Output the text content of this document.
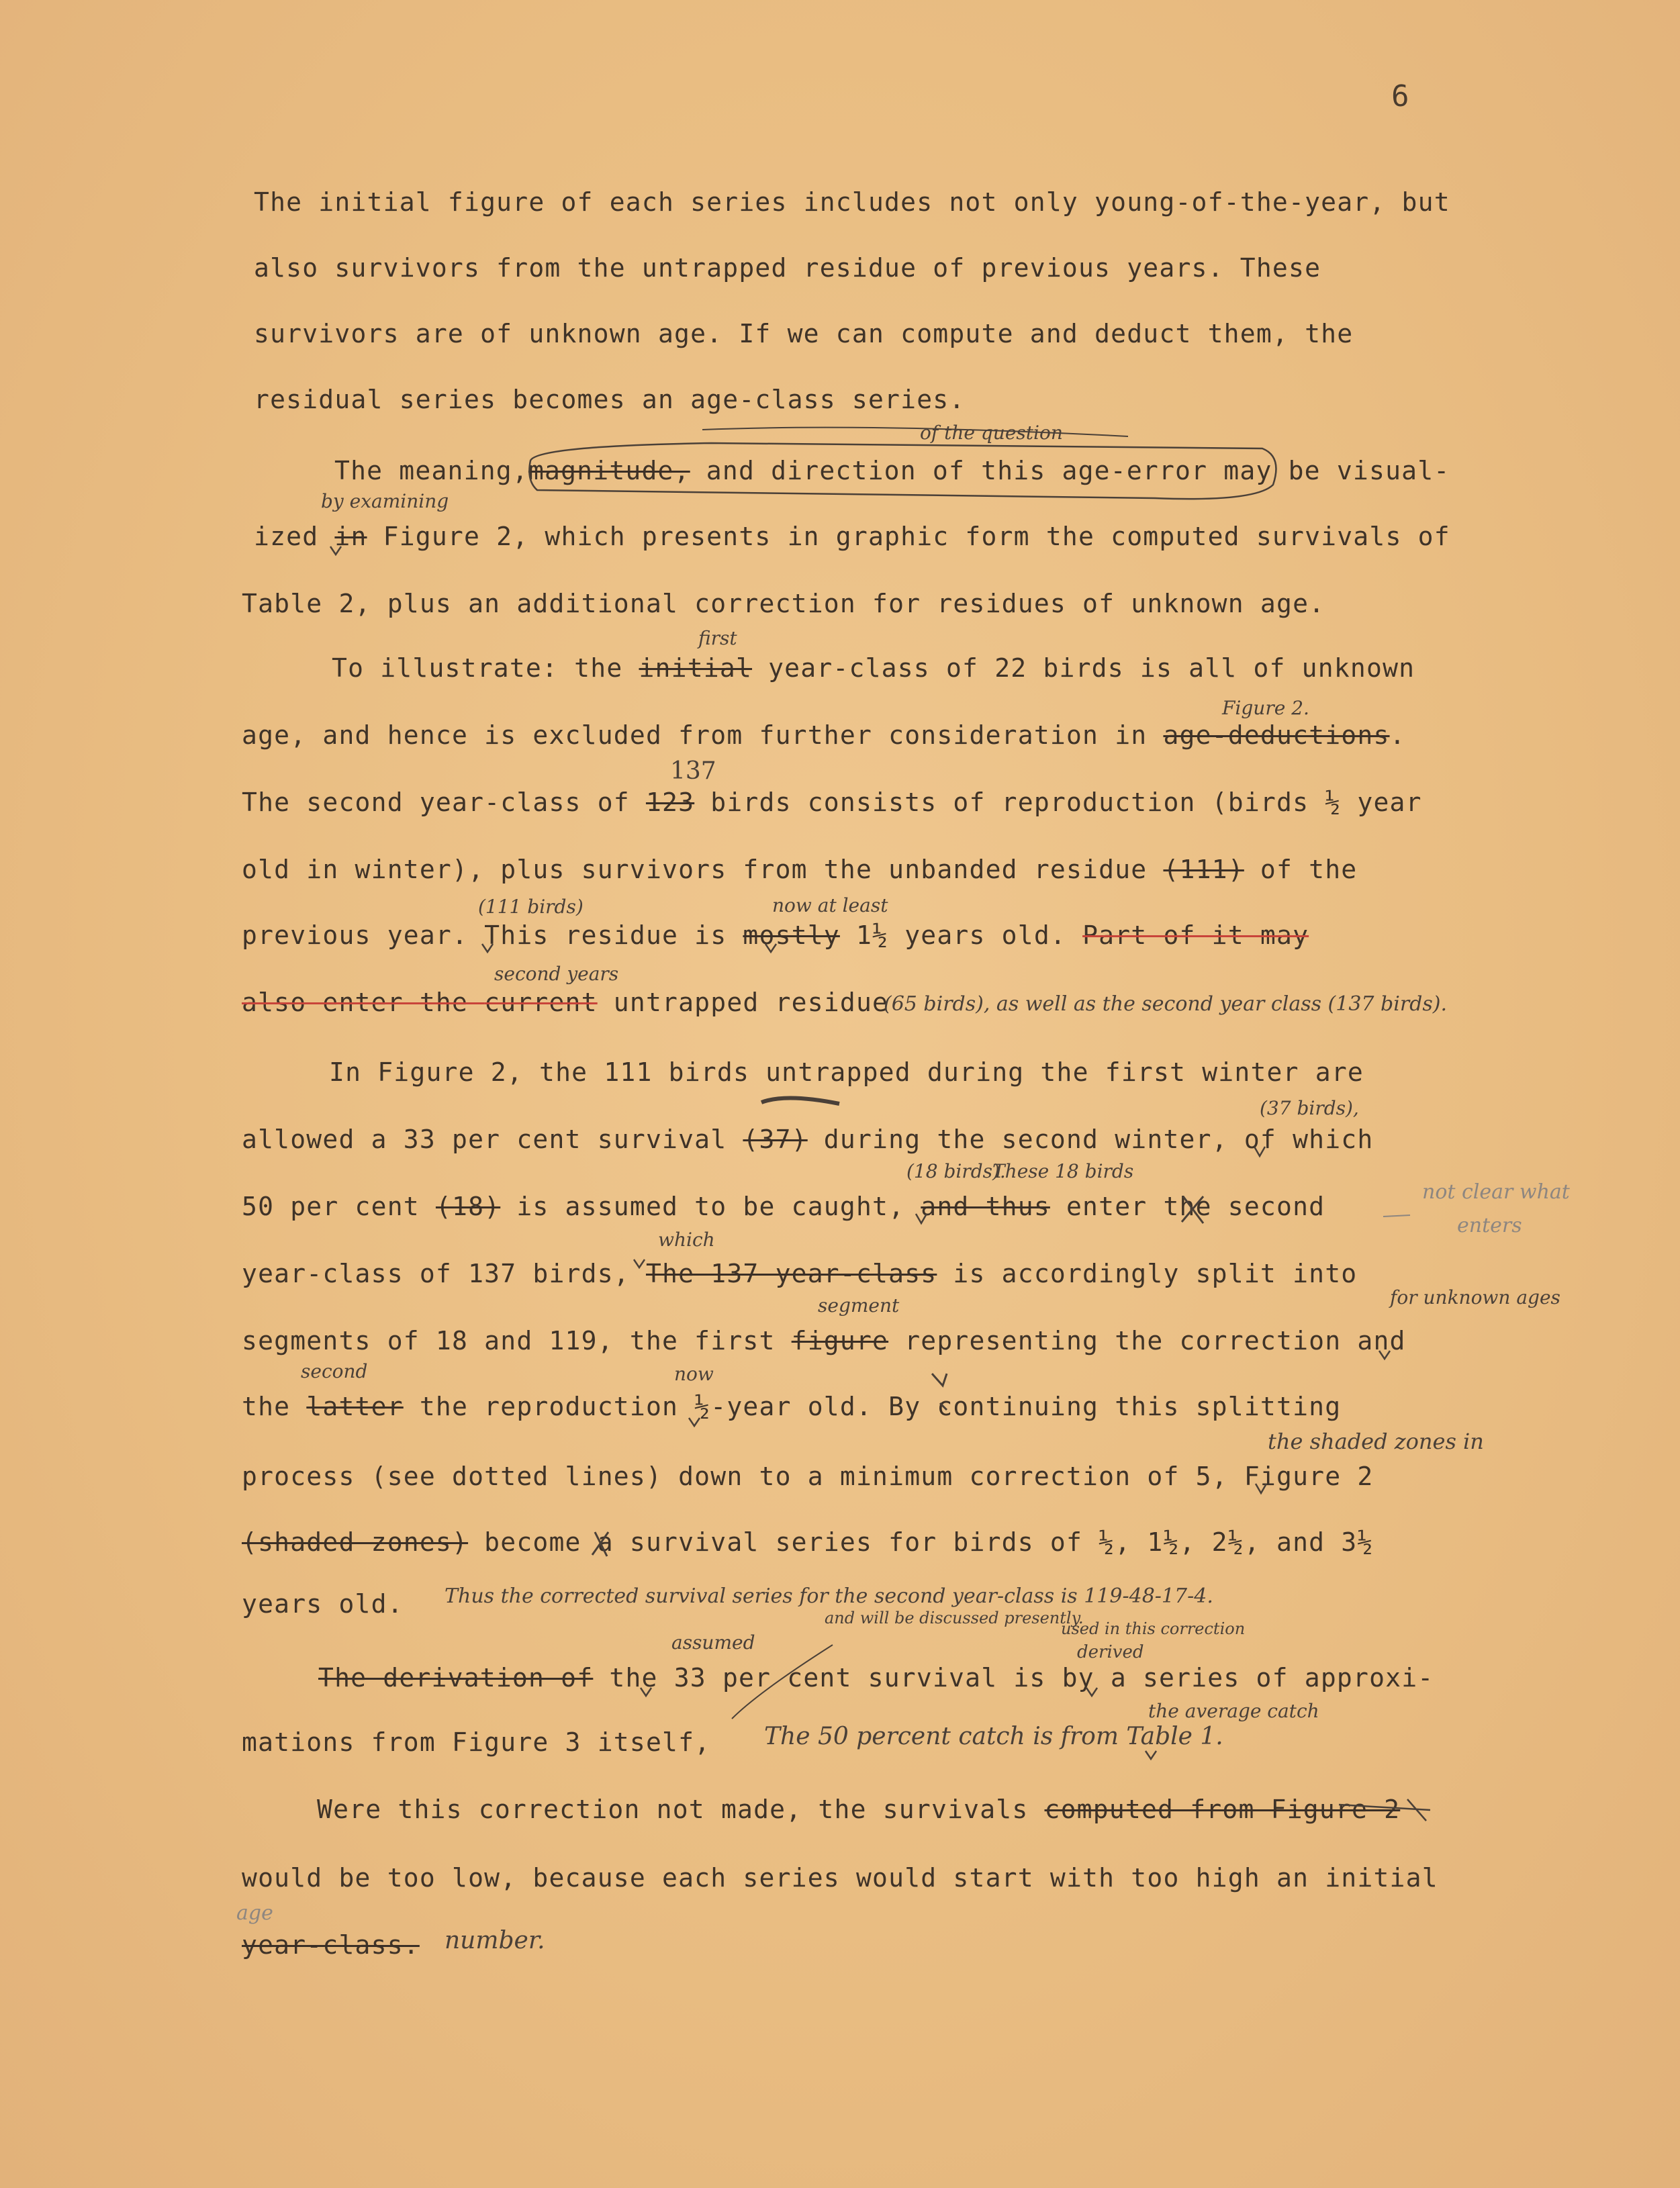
6
The initial figure of each series includes not only young-of-the-year, but
also survivors from the untrapped residue of previous years. These
survivors are of unknown age. If we can compute and deduct them, the
residual series becomes an age-class series.
The meaning,magnitude, and direction of this age-error may be visual-
ized in Figure 2, which presents in graphic form the computed survivals of
Table 2, plus an additional correction for residues of unknown age.
To illustrate: the initial year-class of 22 birds is all of unknown
age, and hence is excluded from further consideration in age-deductions.
The second year-class of 123 birds consists of reproduction (birds ½ year
old in winter), plus survivors from the unbanded residue (111) of the
previous year. This residue is mostly 1½ years old. Part of it may
also enter the current untrapped residue
In Figure 2, the 111 birds untrapped during the first winter are
allowed a 33 per cent survival (37) during the second winter, of which
50 per cent (18) is assumed to be caught, and thus enter the second
year-class of 137 birds, The 137 year-class is accordingly split into
segments of 18 and 119, the first figure representing the correction and
the latter the reproduction ½-year old. By continuing this splitting
process (see dotted lines) down to a minimum correction of 5, Figure 2
(shaded zones) become a survival series for birds of ½, 1½, 2½, and 3½
years old.
The derivation of the 33 per cent survival is by a series of approxi-
mations from Figure 3 itself,
Were this correction not made, the survivals computed from Figure 2
would be too low, because each series would start with too high an initial
year-class.
of the question
by examining
first
Figure 2.
137
now at least
(111 birds)
second years
(65 birds), as well as the second year class (137 birds).
(37 birds),
(18 birds).
These 18 birds
not clear what
enters
which
segment	for unknown ages
second	now
the shaded zones in
Thus the corrected survival series for the second year-class is 119-48-17-4.
assumed
and will be discussed presently.
used in this correction
derived
The 50 percent catch is from Table 1.
the average catch
number.
age
